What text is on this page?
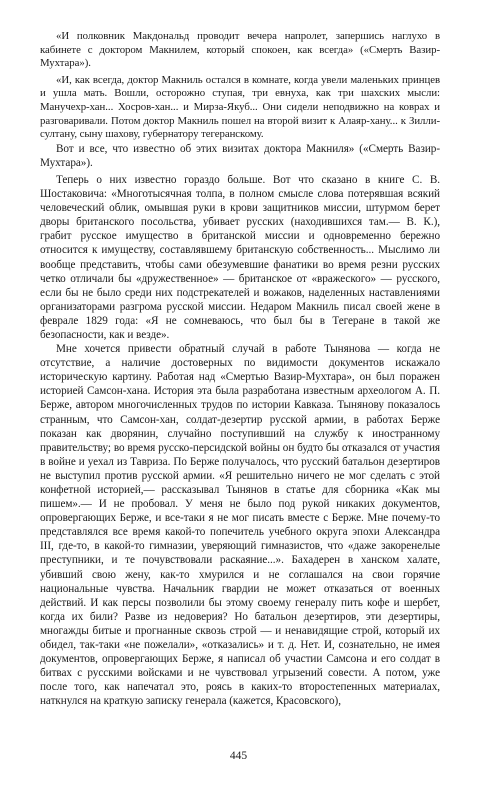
«И полковник Макдональд проводит вечера напролет, запершись наглухо в кабинете с доктором Макнилем, который спокоен, как всегда» («Смерть Вазир-Мухтара»).

«И, как всегда, доктор Макниль остался в комнате, когда увели маленьких принцев и ушла мать. Вошли, осторожно ступая, три евнуха, как три шахских мысли: Манучехр-хан... Хосров-хан... и Мирза-Якуб... Они сидели неподвижно на коврах и разговаривали. Потом доктор Макниль пошел на второй визит к Алаяр-хану... к Зилли-султану, сыну шахову, губернатору тегеранскому.

Вот и все, что известно об этих визитах доктора Макниля» («Смерть Вазир-Мухтара»).

Теперь о них известно гораздо больше. Вот что сказано в книге С. В. Шостаковича: «Многотысячная толпа, в полном смысле слова потерявшая всякий человеческий облик, омывшая руки в крови защитников миссии, штурмом берет дворы британского посольства, убивает русских (находившихся там.— В. К.), грабит русское имущество в британской миссии и одновременно бережно относится к имуществу, составлявшему британскую собственность... Мыслимо ли вообще представить, чтобы сами обезумевшие фанатики во время резни русских четко отличали бы «дружественное» — британское от «вражеского» — русского, если бы не было среди них подстрекателей и вожаков, наделенных наставлениями организаторами разгрома русской миссии. Недаром Макниль писал своей жене в феврале 1829 года: «Я не сомневаюсь, что был бы в Тегеране в такой же безопасности, как и везде».

Мне хочется привести обратный случай в работе Тынянова — когда не отсутствие, а наличие достоверных по видимости документов искажало историческую картину. Работая над «Смертью Вазир-Мухтара», он был поражен историей Самсон-хана. История эта была разработана известным археологом А. П. Берже, автором многочисленных трудов по истории Кавказа. Тынянову показалось странным, что Самсон-хан, солдат-дезертир русской армии, в работах Берже показан как дворянин, случайно поступивший на службу к иностранному правительству; во время русско-персидской войны он будто бы отказался от участия в войне и уехал из Тавриза. По Берже получалось, что русский батальон дезертиров не выступил против русской армии. «Я решительно ничего не мог сделать с этой конфетной историей,— рассказывал Тынянов в статье для сборника «Как мы пишем».— И не пробовал. У меня не было под рукой никаких документов, опровергающих Берже, и все-таки я не мог писать вместе с Берже. Мне почему-то представлялся все время какой-то попечитель учебного округа эпохи Александра III, где-то, в какой-то гимназии, уверяющий гимназистов, что «даже закоренелые преступники, и те почувствовали раскаяние...». Бахадерен в ханском халате, убивший свою жену, как-то хмурился и не соглашался на свои горячие национальные чувства. Начальник гвардии не может отказаться от военных действий. И как персы позволили бы этому своему генералу пить кофе и шербет, когда их били? Разве из недоверия? Но батальон дезертиров, эти дезертиры, многажды битые и прогнанные сквозь строй — и ненавидящие строй, который их обидел, так-таки «не пожелали», «отказались» и т. д. Нет. И, сознательно, не имея документов, опровергающих Берже, я написал об участии Самсона и его солдат в битвах с русскими войсками и не чувствовал угрызений совести. А потом, уже после того, как напечатал это, роясь в каких-то второстепенных материалах, наткнулся на краткую записку генерала (кажется, Красовского),

445
